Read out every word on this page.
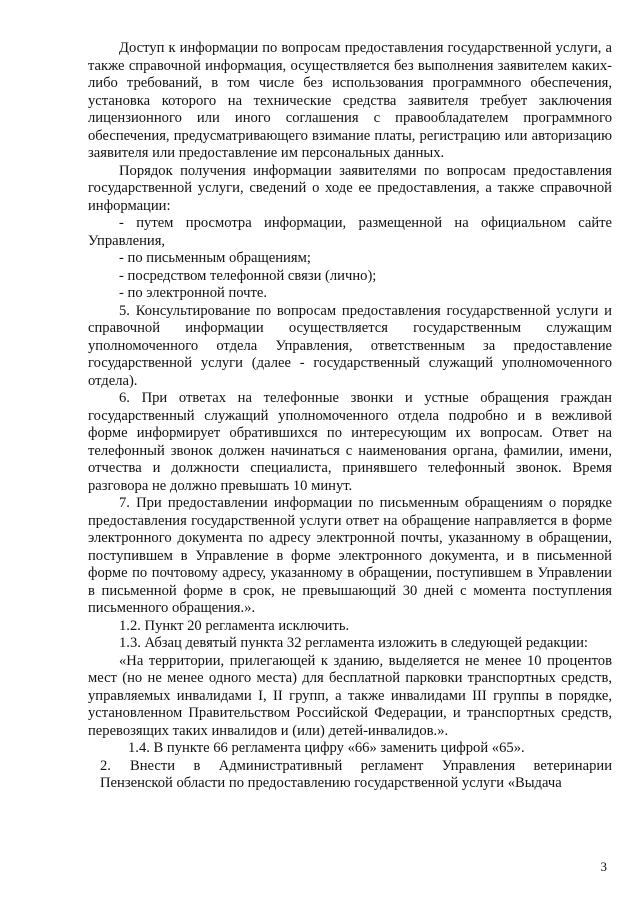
Доступ к информации по вопросам предоставления государственной услуги, а также справочной информация, осуществляется без выполнения заявителем каких-либо требований, в том числе без использования программного обеспечения, установка которого на технические средства заявителя требует заключения лицензионного или иного соглашения с правообладателем программного обеспечения, предусматривающего взимание платы, регистрацию или авторизацию заявителя или предоставление им персональных данных.

Порядок получения информации заявителями по вопросам предоставления государственной услуги, сведений о ходе ее предоставления, а также справочной информации:

- путем просмотра информации, размещенной на официальном сайте Управления,

- по письменным обращениям;

- посредством телефонной связи (лично);

- по электронной почте.

5. Консультирование по вопросам предоставления государственной услуги и справочной информации осуществляется государственным служащим уполномоченного отдела Управления, ответственным за предоставление государственной услуги (далее - государственный служащий уполномоченного отдела).

6. При ответах на телефонные звонки и устные обращения граждан государственный служащий уполномоченного отдела подробно и в вежливой форме информирует обратившихся по интересующим их вопросам. Ответ на телефонный звонок должен начинаться с наименования органа, фамилии, имени, отчества и должности специалиста, принявшего телефонный звонок. Время разговора не должно превышать 10 минут.

7. При предоставлении информации по письменным обращениям о порядке предоставления государственной услуги ответ на обращение направляется в форме электронного документа по адресу электронной почты, указанному в обращении, поступившем в Управление в форме электронного документа, и в письменной форме по почтовому адресу, указанному в обращении, поступившем в Управлении в письменной форме в срок, не превышающий 30 дней с момента поступления письменного обращения.».

1.2. Пункт 20 регламента исключить.

1.3. Абзац девятый пункта 32 регламента изложить в следующей редакции:

«На территории, прилегающей к зданию, выделяется не менее 10 процентов мест (но не менее одного места) для бесплатной парковки транспортных средств, управляемых инвалидами I, II групп, а также инвалидами III группы в порядке, установленном Правительством Российской Федерации, и транспортных средств, перевозящих таких инвалидов и (или) детей-инвалидов.».

1.4. В пункте 66 регламента цифру «66» заменить цифрой «65».

2. Внести в Административный регламент Управления ветеринарии Пензенской области по предоставлению государственной услуги «Выдача

3
